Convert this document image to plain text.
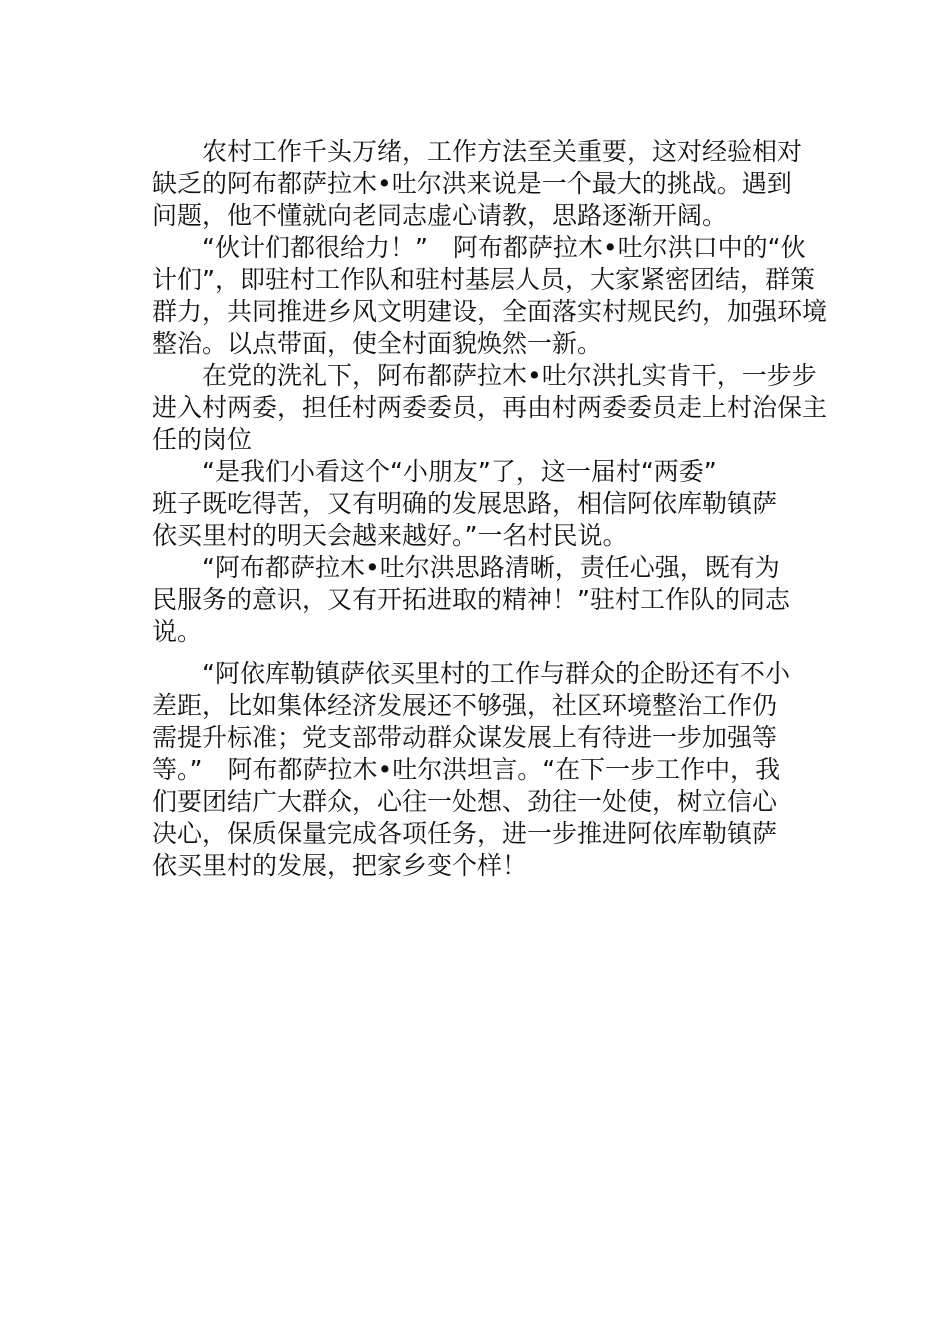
　　农村工作千头万绪，工作方法至关重要，这对经验相对
缺乏的阿布都萨拉木•吐尔洪来说是一个最大的挑战。遇到
问题，他不懂就向老同志虚心请教，思路逐渐开阔。
　　“伙计们都很给力！”　阿布都萨拉木•吐尔洪口中的“伙
计们”，即驻村工作队和驻村基层人员，大家紧密团结，群策
群力，共同推进乡风文明建设，全面落实村规民约，加强环境
整治。以点带面，使全村面貌焕然一新。
　　在党的洗礼下，阿布都萨拉木•吐尔洪扎实肯干，一步步
进入村两委，担任村两委委员，再由村两委委员走上村治保主
任的岗位
　　“是我们小看这个“小朋友”了，这一届村“两委”
班子既吃得苦，又有明确的发展思路，相信阿依库勒镇萨
依买里村的明天会越来越好。”一名村民说。
　　“阿布都萨拉木•吐尔洪思路清晰，责任心强，既有为
民服务的意识，又有开拓进取的精神！”驻村工作队的同志
说。
　　“阿依库勒镇萨依买里村的工作与群众的企盼还有不小
差距，比如集体经济发展还不够强，社区环境整治工作仍
需提升标准；党支部带动群众谋发展上有待进一步加强等
等。”　阿布都萨拉木•吐尔洪坦言。“在下一步工作中，我
们要团结广大群众，心往一处想、劲往一处使，树立信心
决心，保质保量完成各项任务，进一步推进阿依库勒镇萨
依买里村的发展，把家乡变个样！
